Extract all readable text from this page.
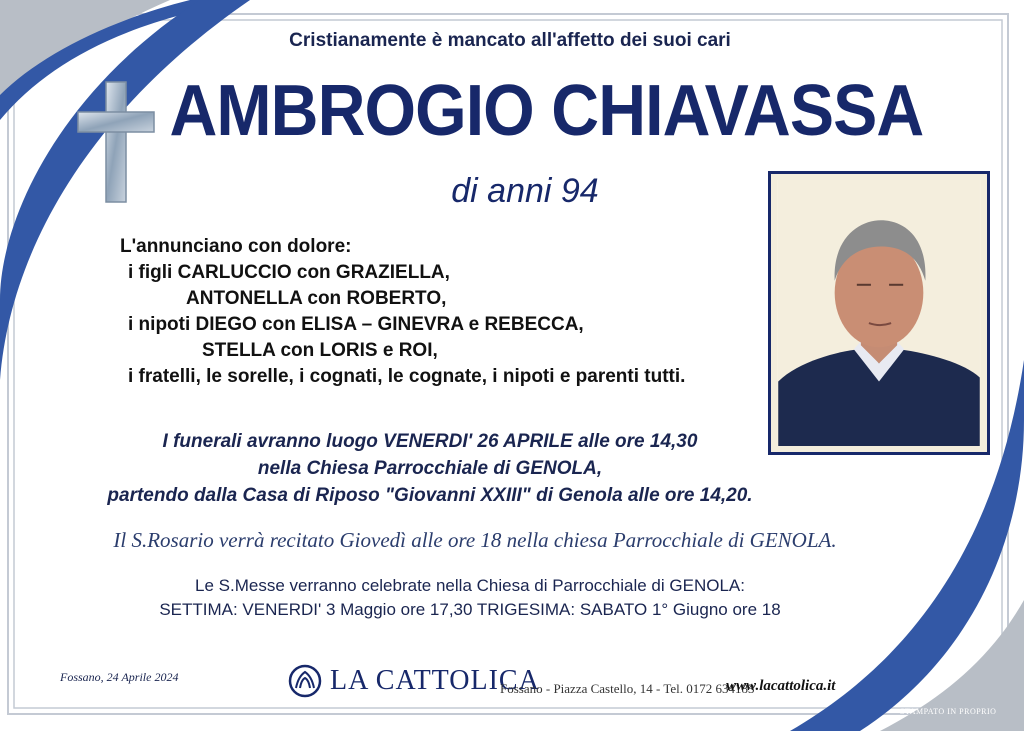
Cristianamente è mancato all'affetto dei suoi cari
AMBROGIO CHIAVASSA
di anni 94
L'annunciano con dolore:
i figli CARLUCCIO con GRAZIELLA,
ANTONELLA con ROBERTO,
i nipoti DIEGO con ELISA – GINEVRA e REBECCA,
STELLA con LORIS e ROI,
i fratelli, le sorelle, i cognati, le cognate, i nipoti e parenti tutti.
I funerali avranno luogo VENERDI' 26 APRILE alle ore 14,30
nella Chiesa Parrocchiale di GENOLA,
partendo dalla Casa di Riposo "Giovanni XXIII" di Genola alle ore 14,20.
Il S.Rosario verrà recitato Giovedì alle ore 18 nella chiesa Parrocchiale di GENOLA.
Le S.Messe verranno celebrate nella Chiesa di Parrocchiale di GENOLA:
SETTIMA: VENERDI' 3 Maggio ore 17,30 TRIGESIMA: SABATO 1° Giugno ore 18
Fossano, 24 Aprile 2024	LA CATTOLICA
Fossano - Piazza Castello, 14 - Tel. 0172 634183
www.lacattolica.it
STAMPATO IN PROPRIO
